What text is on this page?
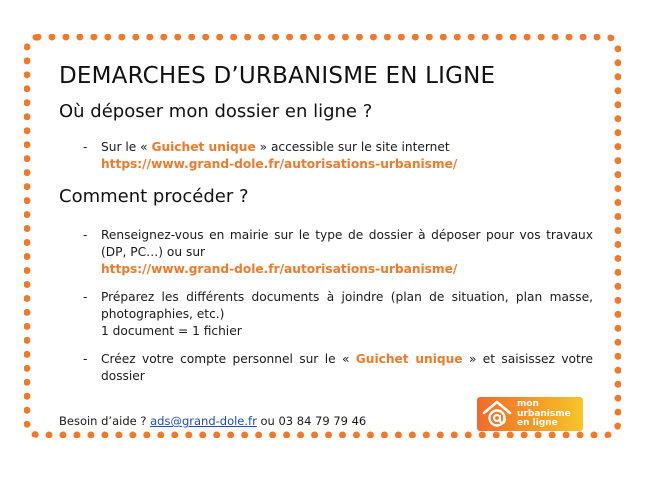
DEMARCHES D’URBANISME EN LIGNE
Où déposer mon dossier en ligne ?
- Sur le « Guichet unique » accessible sur le site internet
https://www.grand-dole.fr/autorisations-urbanisme/
Comment procéder ?
- Renseignez-vous en mairie sur le type de dossier à déposer pour vos travaux (DP, PC…) ou sur
https://www.grand-dole.fr/autorisations-urbanisme/
- Préparez les différents documents à joindre (plan de situation, plan masse, photographies, etc.)
1 document = 1 fichier
- Créez votre compte personnel sur le « Guichet unique » et saisissez votre dossier
Besoin d’aide ? ads@grand-dole.fr ou 03 84 79 79 46
mon
urbanisme
en ligne
